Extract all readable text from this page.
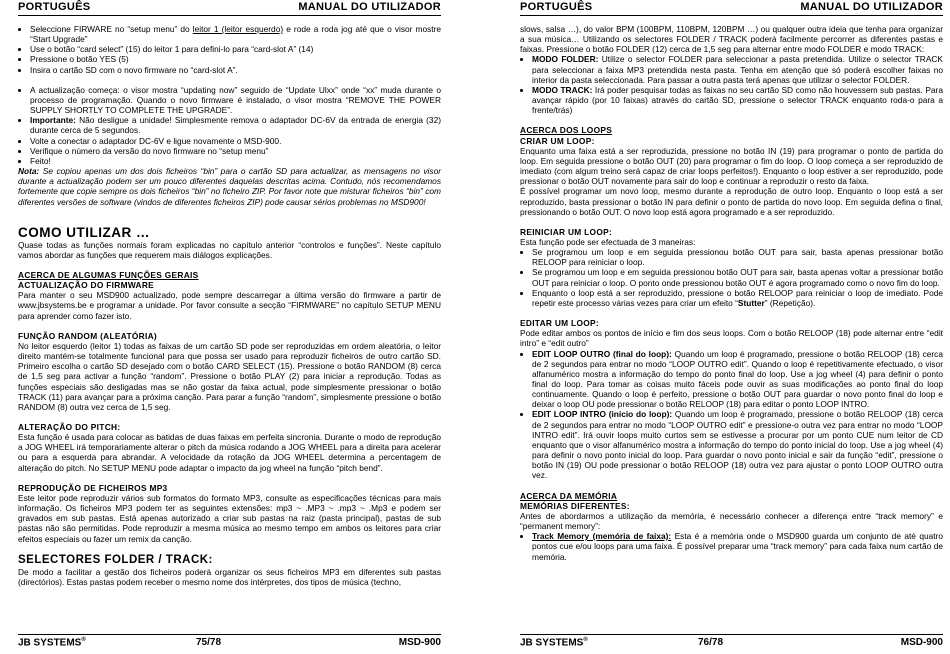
PORTUGUÊS	MANUAL DO UTILIZADOR
• Seleccione FIRWARE no “setup menu” do leitor 1 (leitor esquerdo) e rode a roda jog até que o visor mostre “Start Upgrade”
• Use o botão “card select” (15) do leitor 1 para defini-lo para “card-slot A” (14)
• Pressione o botão YES (5)
• Insira o cartão SD com o novo firmware no “card-slot A”.
• A actualização começa: o visor mostra “updating now” seguido de “Update Ulxx” onde “xx” muda durante o processo de programação. Quando o novo firmware é instalado, o visor mostra “REMOVE THE POWER SUPPLY SHORTLY TO COMPLETE THE UPGRADE”.
• Importante: Não desligue a unidade! Simplesmente remova o adaptador DC-6V da entrada de energia (32) durante cerca de 5 segundos.
• Volte a conectar o adaptador DC-6V e ligue novamente o MSD-900.
• Verifique o número da versão do novo firmware no “setup menu”
• Feito!

Nota: Se copiou apenas um dos dois ficheiros “bin” para o cartão SD para actualizar, as mensagens no visor durante a actualização podem ser um pouco diferentes daquelas descritas acima. Contudo, nós recomendamos fortemente que copie sempre os dois ficheiros “bin” no ficheiro ZIP. Por favor note que misturar ficheiros “bin” com diferentes versões de software (vindos de diferentes ficheiros ZIP) pode causar sérios problemas no MSD900!

COMO UTILIZAR …

Quase todas as funções normais foram explicadas no capítulo anterior “controlos e funções”. Neste capítulo vamos abordar as funções que requerem mais diálogos explicações.

ACERCA DE ALGUMAS FUNÇÕES GERAIS
ACTUALIZAÇÃO DO FIRMWARE

Para manter o seu MSD900 actualizado, pode sempre descarregar a última versão do firmware a partir de www.jbsystems.be e programar a unidade. Por favor consulte a secção “FIRMWARE” no capítulo SETUP MENU para aprender como fazer isto.

FUNÇÃO RANDOM (ALEATÓRIA)

No leitor esquerdo (leitor 1) todas as faixas de um cartão SD pode ser reproduzidas em ordem aleatória, o leitor direito mantém-se totalmente funcional para que possa ser usado para reproduzir ficheiros de outro cartão SD. Primeiro escolha o cartão SD desejado com o botão CARD SELECT (15). Pressione o botão RANDOM (8) cerca de 1,5 seg para activar a função “random”. Pressione o botão PLAY (2) para iniciar a reprodução. Todas as funções especiais são desligadas mas se não gostar da faixa actual, pode simplesmente pressionar o botão TRACK (11) para avançar para a próxima canção. Para parar a função “random”, simplesmente pressione o botão RANDOM (8) outra vez cerca de 1,5 seg.

ALTERAÇÃO DO PITCH:

Esta função é usada para colocar as batidas de duas faixas em perfeita sincronia. Durante o modo de reprodução a JOG WHEEL irá temporariamente alterar o pitch da música rodando a JOG WHEEL para a direita para acelerar ou para a esquerda para abrandar. A velocidade da rotação da JOG WHEEL determina a percentagem de alteração do pitch. No SETUP MENU pode adaptar o impacto da jog wheel na função “pitch bend”.

REPRODUÇÃO DE FICHEIROS MP3

Este leitor pode reproduzir vários sub formatos do formato MP3, consulte as especificações técnicas para mais informação. Os ficheiros MP3 podem ter as seguintes extensões: mp3 ~ .MP3 ~ .mp3 ~ .Mp3 e podem ser gravados em sub pastas. Está apenas autorizado a criar sub pastas na raiz (pasta principal), pastas de sub pastas não são permitidas. Pode reproduzir a mesma música ao mesmo tempo em ambos os leitores para criar efeitos especiais ou fazer um remix da canção.

SELECTORES FOLDER / TRACK:

De modo a facilitar a gestão dos ficheiros poderá organizar os seus ficheiros MP3 em diferentes sub pastas (directórios). Estas pastas podem receber o mesmo nome dos intérpretes, dos tipos de música (techno,

JB SYSTEMS®	75/78	MSD-900
PORTUGUÊS	MANUAL DO UTILIZADOR

slows, salsa …), do valor BPM (100BPM, 110BPM, 120BPM …) ou qualquer outra ideia que tenha para organizar a sua música… Utilizando os selectores FOLDER / TRACK poderá facilmente percorrer as diferentes pastas e faixas. Pressione o botão FOLDER (12) cerca de 1,5 seg para alternar entre modo FOLDER e modo TRACK:

• MODO FOLDER: Utilize o selector FOLDER para seleccionar a pasta pretendida. Utilize o selector TRACK para seleccionar a faixa MP3 pretendida nesta pasta. Tenha em atenção que só poderá escolher faixas no interior da pasta seleccionada. Para passar a outra pasta terá apenas que utilizar o selector FOLDER.
• MODO TRACK: Irá poder pesquisar todas as faixas no seu cartão SD como não houvessem sub pastas. Para avançar rápido (por 10 faixas) através do cartão SD, pressione o selector TRACK enquanto roda-o para a frente/trás)
ACERCA DOS LOOPS
CRIAR UM LOOP:

Enquanto uma faixa está a ser reproduzida, pressione no botão IN (19) para programar o ponto de partida do loop. Em seguida pressione o botão OUT (20) para programar o fim do loop. O loop começa a ser reproduzido de imediato (com algum treino será capaz de criar loops perfeitos!). Enquanto o loop estiver a ser reproduzido, pode pressionar o botão OUT novamente para sair do loop e continuar a reproduzir o resto da faixa.

É possível programar um novo loop, mesmo durante a reprodução de outro loop. Enquanto o loop está a ser reproduzido, basta pressionar o botão IN para definir o ponto de partida do novo loop. Em seguida defina o final, pressionando o botão OUT. O novo loop está agora programado e a ser reproduzido.

REINICIAR UM LOOP:

Esta função pode ser efectuada de 3 maneiras:

• Se programou um loop e em seguida pressionou botão OUT para sair, basta apenas pressionar botão RELOOP para reiniciar o loop.
• Se programou um loop e em seguida pressionou botão OUT para sair, basta apenas voltar a pressionar botão OUT para reiniciar o loop. O ponto onde pressionou botão OUT é agora programado como o novo fim do loop.
• Enquanto o loop está a ser reproduzido, pressione o botão RELOOP para reiniciar o loop de imediato. Pode repetir este processo várias vezes para criar um efeito “Stutter” (Repetição).
EDITAR UM LOOP:

Pode editar ambos os pontos de início e fim dos seus loops. Com o botão RELOOP (18) pode alternar entre “edit intro” e “edit outro”

• EDIT LOOP OUTRO (final do loop): Quando um loop é programado, pressione o botão RELOOP (18) cerca de 2 segundos para entrar no modo “LOOP OUTRO edit”. Quando o loop é repetitivamente efectuado, o visor alfanumérico mostra a informação do tempo do ponto final do loop. Use a jog wheel (4) para definir o ponto final do loop. Para tomar as coisas muito fáceis pode ouvir as suas modificações ao ponto final do loop continuamente. Quando o loop é perfeito, pressione o botão OUT para guardar o novo ponto final do loop e deixar o loop OU pode pressionar o botão RELOOP (18) para editar o ponto LOOP INTRO.
• EDIT LOOP INTRO (início do loop): Quando um loop é programado, pressione o botão RELOOP (18) cerca de 2 segundos para entrar no modo “LOOP OUTRO edit” e pressione-o outra vez para entrar no modo “LOOP INTRO edit”. Irá ouvir loops muito curtos sem se estivesse a procurar por um ponto CUE num leitor de CD enquanto que o visor alfanumérico mostra a informação do tempo do ponto inicial do loop. Use a jog wheel (4) para definir o novo ponto inicial do loop. Para guardar o novo ponto inicial e sair da função “edit”, pressione o botão IN (19) OU pode pressionar o botão RELOOP (18) outra vez para ajustar o ponto LOOP OUTRO outra vez.
ACERCA DA MEMÓRIA
MEMÓRIAS DIFERENTES:

Antes de abordarmos a utilização da memória, é necessário conhecer a diferença entre “track memory” e “permanent memory”:

• Track Memory (memória de faixa): Esta é a memória onde o MSD900 guarda um conjunto de até quatro pontos cue e/ou loops para uma faixa. É possível preparar uma “track memory” para cada faixa num cartão de memória.
JB SYSTEMS®	76/78	MSD-900
